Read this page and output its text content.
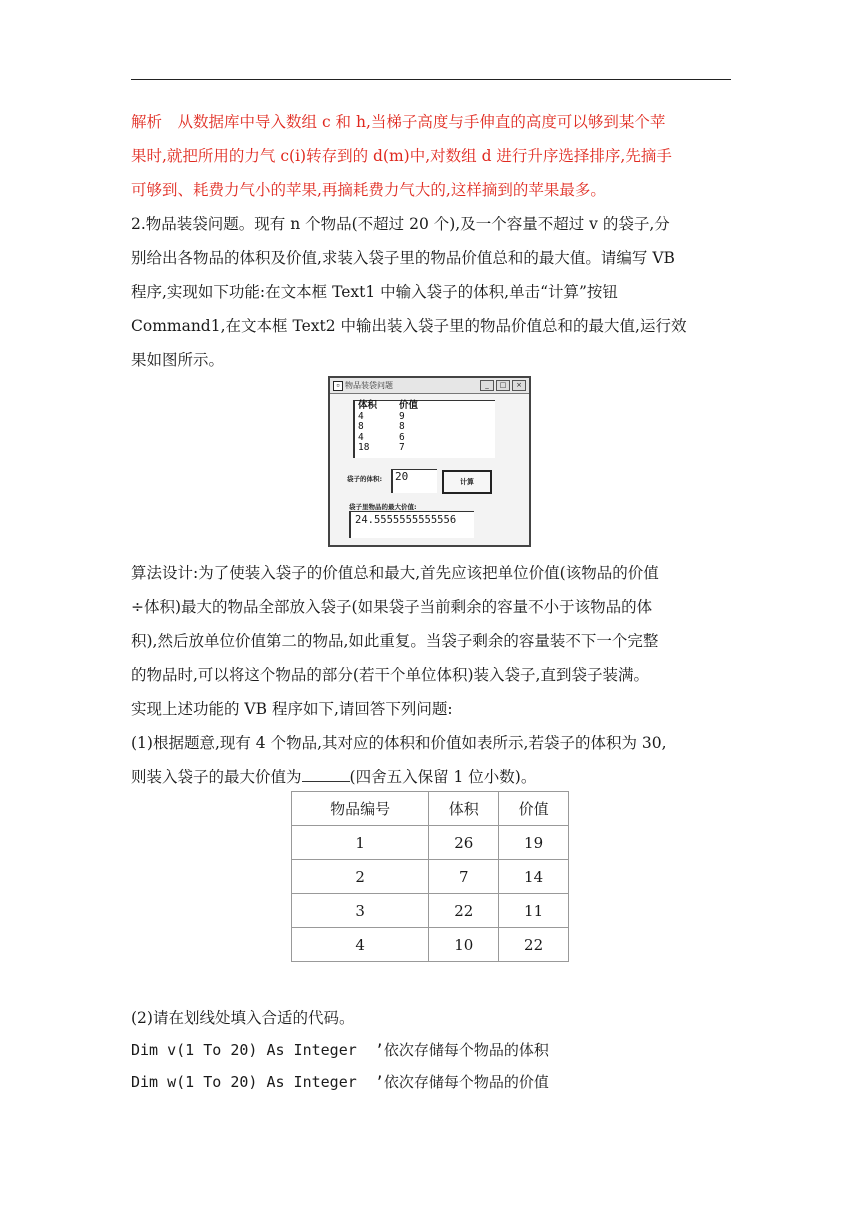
解析　从数据库中导入数组 c 和 h,当梯子高度与手伸直的高度可以够到某个苹

果时,就把所用的力气 c(i)转存到的 d(m)中,对数组 d 进行升序选择排序,先摘手

可够到、耗费力气小的苹果,再摘耗费力气大的,这样摘到的苹果最多。

2.物品装袋问题。现有 n 个物品(不超过 20 个),及一个容量不超过 v 的袋子,分

别给出各物品的体积及价值,求装入袋子里的物品价值总和的最大值。请编写 VB

程序,实现如下功能:在文本框 Text1 中输入袋子的体积,单击“计算”按钮

Command1,在文本框 Text2 中输出装入袋子里的物品价值总和的最大值,运行效

果如图所示。

▫ 物品装袋问题	_	□	×
体积	价值
4	9
8	8
4	6
18	7
袋子的体积:	20	计算
袋子里物品的最大价值:
24.5555555555556

算法设计:为了使装入袋子的价值总和最大,首先应该把单位价值(该物品的价值

÷体积)最大的物品全部放入袋子(如果袋子当前剩余的容量不小于该物品的体

积),然后放单位价值第二的物品,如此重复。当袋子剩余的容量装不下一个完整

的物品时,可以将这个物品的部分(若干个单位体积)装入袋子,直到袋子装满。

实现上述功能的 VB 程序如下,请回答下列问题:

(1)根据题意,现有 4 个物品,其对应的体积和价值如表所示,若袋子的体积为 30,

则装入袋子的最大价值为	(四舍五入保留 1 位小数)。

物品编号	体积	价值
1	26	19
2	7	14
3	22	11
4	10	22

(2)请在划线处填入合适的代码。

Dim v(1 To 20) As Integer  ’依次存储每个物品的体积
Dim w(1 To 20) As Integer  ’依次存储每个物品的价值
